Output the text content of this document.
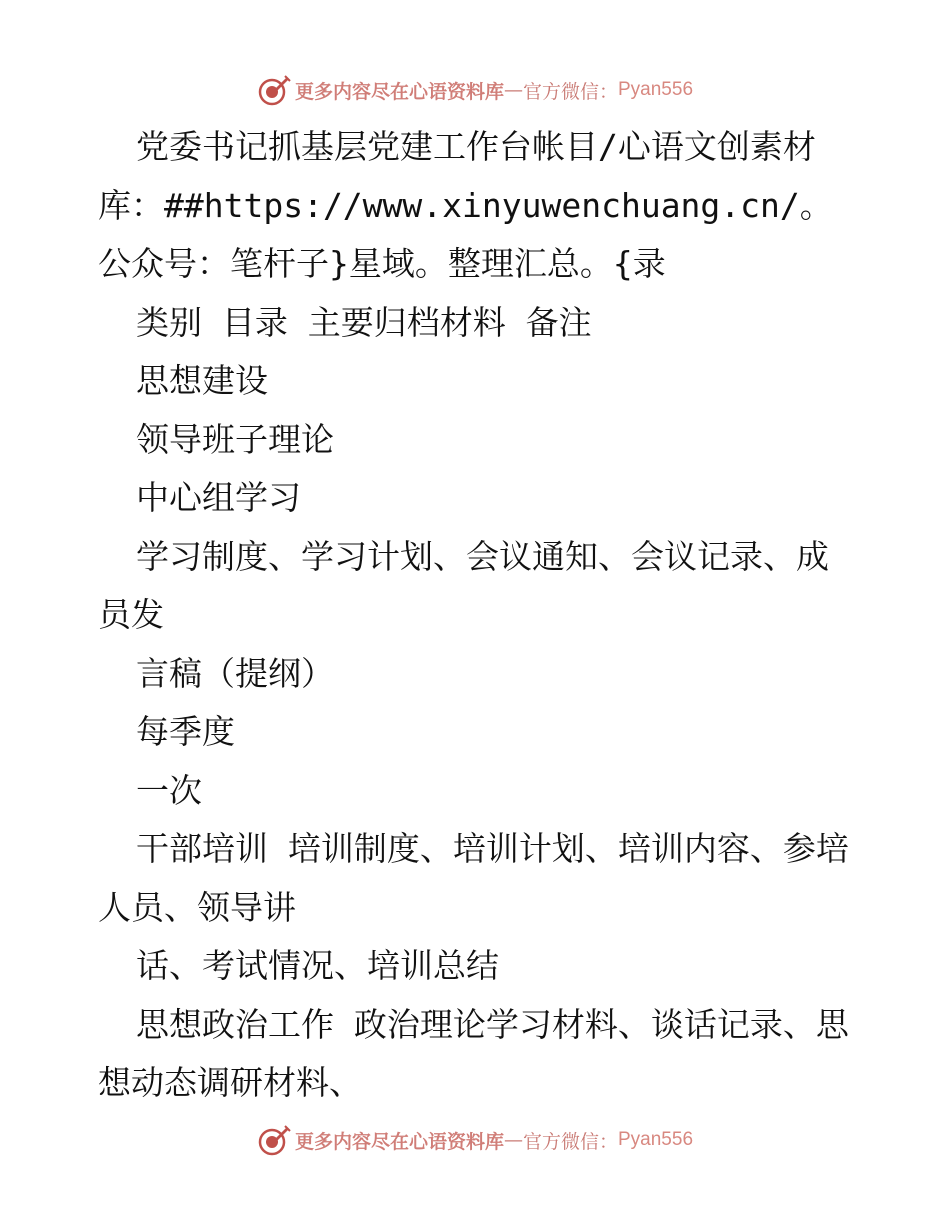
更多内容尽在心语资料库 — 官方微信： Pyan556

党委书记抓基层党建工作台帐目/心语文创素材库：##https://www.xinyuwenchuang.cn/。公众号：笔杆子}星域。整理汇总。{录

类别 目录 主要归档材料 备注

思想建设

领导班子理论

中心组学习

学习制度、学习计划、会议通知、会议记录、成员发

言稿（提纲）

每季度

一次

干部培训 培训制度、培训计划、培训内容、参培人员、领导讲

话、考试情况、培训总结

思想政治工作 政治理论学习材料、谈话记录、思想动态调研材料、

更多内容尽在心语资料库 — 官方微信： Pyan556
